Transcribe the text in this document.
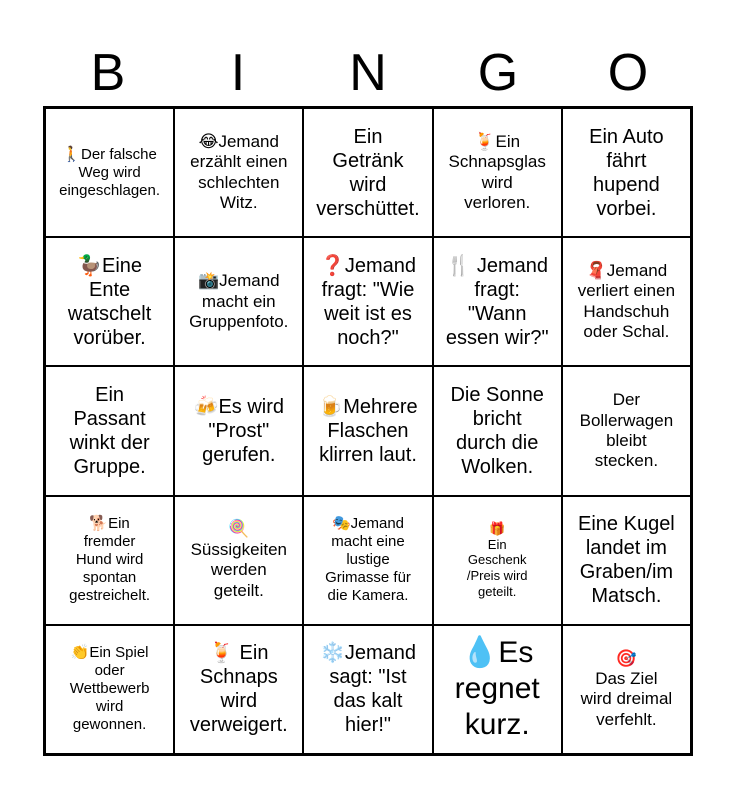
B	I	N	G	O
🚶Der falsche
Weg wird
eingeschlagen.
😂Jemand
erzählt einen
schlechten
Witz.
Ein
Getränk
wird
verschüttet.
🍹Ein
Schnapsglas
wird
verloren.
Ein Auto
fährt
hupend
vorbei.
🦆Eine
Ente
watschelt
vorüber.
📸Jemand
macht ein
Gruppenfoto.
❓Jemand
fragt: "Wie
weit ist es
noch?"
🍴 Jemand
fragt:
"Wann
essen wir?"
🧣Jemand
verliert einen
Handschuh
oder Schal.
Ein
Passant
winkt der
Gruppe.
🍻Es wird
"Prost"
gerufen.
🍺Mehrere
Flaschen
klirren laut.
Die Sonne
bricht
durch die
Wolken.
Der
Bollerwagen
bleibt
stecken.
🐕Ein
fremder
Hund wird
spontan
gestreichelt.
🍭
Süssigkeiten
werden
geteilt.
🎭Jemand
macht eine
lustige
Grimasse für
die Kamera.
🎁
Ein
Geschenk
/Preis wird
geteilt.
Eine Kugel
landet im
Graben/im
Matsch.
👏Ein Spiel
oder
Wettbewerb
wird
gewonnen.
🍹 Ein
Schnaps
wird
verweigert.
❄️Jemand
sagt: "Ist
das kalt
hier!"
💧Es
regnet
kurz.
🎯
Das Ziel
wird dreimal
verfehlt.
